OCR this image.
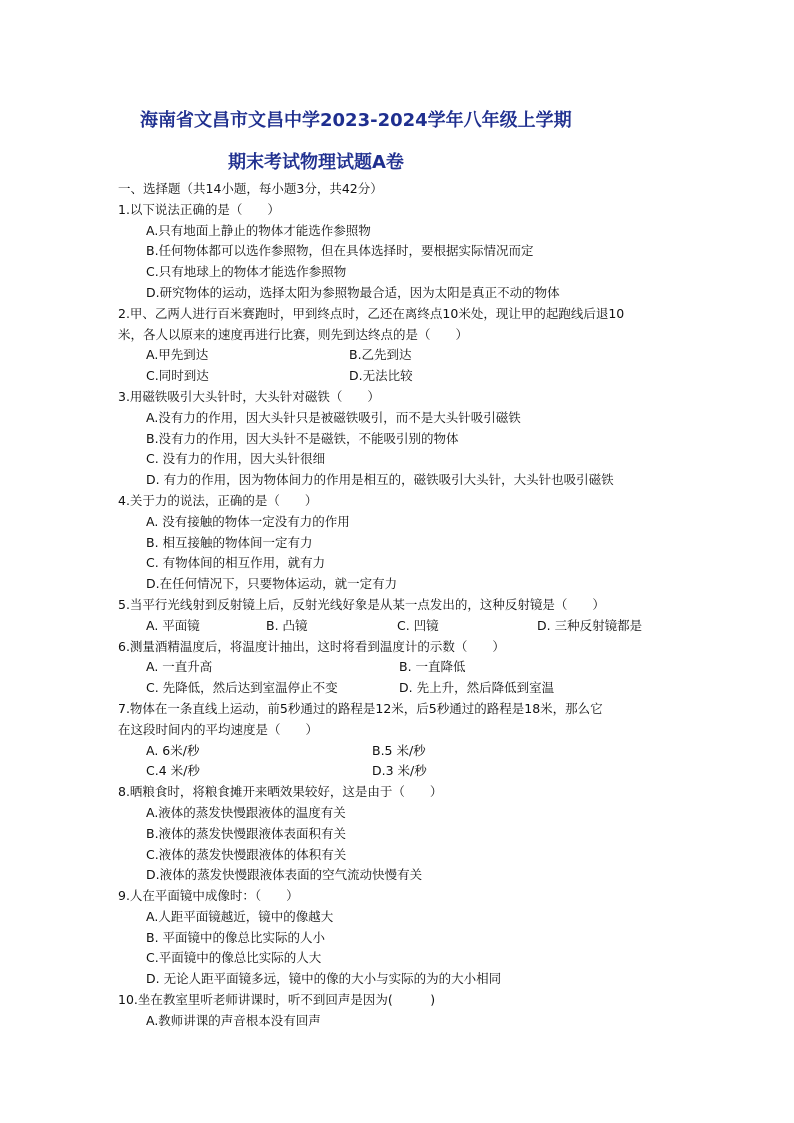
海南省文昌市文昌中学2023-2024学年八年级上学期
期末考试物理试题A卷
一、选择题（共14小题，每小题3分，共42分）
1.以下说法正确的是（　　）
A.只有地面上静止的物体才能选作参照物
B.任何物体都可以选作参照物，但在具体选择时，要根据实际情况而定
C.只有地球上的物体才能选作参照物
D.研究物体的运动，选择太阳为参照物最合适，因为太阳是真正不动的物体
2.甲、乙两人进行百米赛跑时，甲到终点时，乙还在离终点10米处，现让甲的起跑线后退10
米，各人以原来的速度再进行比赛，则先到达终点的是（　　）
A.甲先到达	B.乙先到达
C.同时到达	D.无法比较
3.用磁铁吸引大头针时，大头针对磁铁（　　）
A.没有力的作用，因大头针只是被磁铁吸引，而不是大头针吸引磁铁
B.没有力的作用，因大头针不是磁铁，不能吸引别的物体
C. 没有力的作用，因大头针很细
D. 有力的作用，因为物体间力的作用是相互的，磁铁吸引大头针，大头针也吸引磁铁
4.关于力的说法，正确的是（　　）
A. 没有接触的物体一定没有力的作用
B. 相互接触的物体间一定有力
C. 有物体间的相互作用，就有力
D.在任何情况下，只要物体运动，就一定有力
5.当平行光线射到反射镜上后，反射光线好象是从某一点发出的，这种反射镜是（　　）
A. 平面镜	B. 凸镜	C. 凹镜	D. 三种反射镜都是
6.测量酒精温度后，将温度计抽出，这时将看到温度计的示数（　　）
A. 一直升高	B. 一直降低
C. 先降低，然后达到室温停止不变	D. 先上升，然后降低到室温
7.物体在一条直线上运动，前5秒通过的路程是12米，后5秒通过的路程是18米，那么它
在这段时间内的平均速度是（　　）
A. 6米/秒	B.5 米/秒
C.4 米/秒	D.3 米/秒
8.晒粮食时，将粮食摊开来晒效果较好，这是由于（　　）
A.液体的蒸发快慢跟液体的温度有关
B.液体的蒸发快慢跟液体表面积有关
C.液体的蒸发快慢跟液体的体积有关
D.液体的蒸发快慢跟液体表面的空气流动快慢有关
9.人在平面镜中成像时：（　　）
A.人距平面镜越近，镜中的像越大
B. 平面镜中的像总比实际的人小
C.平面镜中的像总比实际的人大
D. 无论人距平面镜多远，镜中的像的大小与实际的为的大小相同
10.坐在教室里听老师讲课时，听不到回声是因为(　　　)
A.教师讲课的声音根本没有回声
